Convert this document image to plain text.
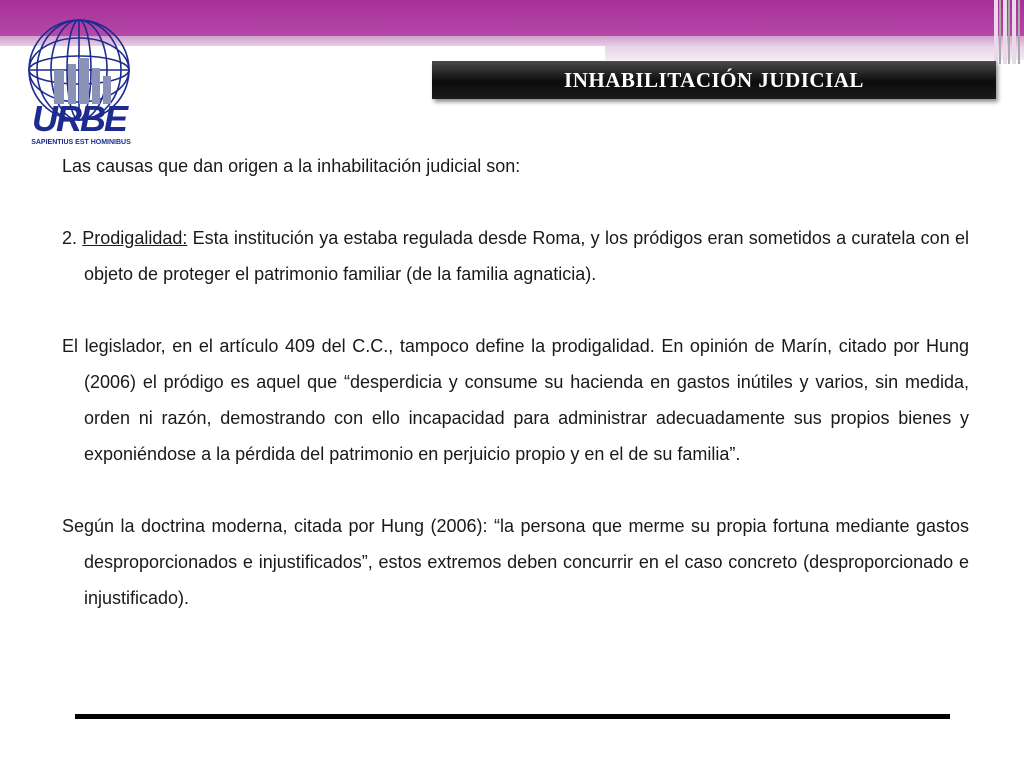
URBE
SAPIENTIUS EST HOMINIBUS
INHABILITACIÓN JUDICIAL

Las causas que dan origen a la inhabilitación judicial son:

2. Prodigalidad: Esta institución ya estaba regulada desde Roma, y los pródigos eran sometidos a curatela con el objeto de proteger el patrimonio familiar (de la familia agnaticia).

El legislador, en el artículo 409 del C.C., tampoco define la prodigalidad. En opinión de Marín, citado por Hung (2006) el pródigo es aquel que “desperdicia y consume su hacienda en gastos inútiles y varios, sin medida, orden ni razón, demostrando con ello incapacidad para administrar adecuadamente sus propios bienes y exponiéndose a la pérdida del patrimonio en perjuicio propio y en el de su familia”.

Según la doctrina moderna, citada por Hung (2006): “la persona que merme su propia fortuna mediante gastos desproporcionados e injustificados”, estos extremos deben concurrir en el caso concreto (desproporcionado e injustificado).
